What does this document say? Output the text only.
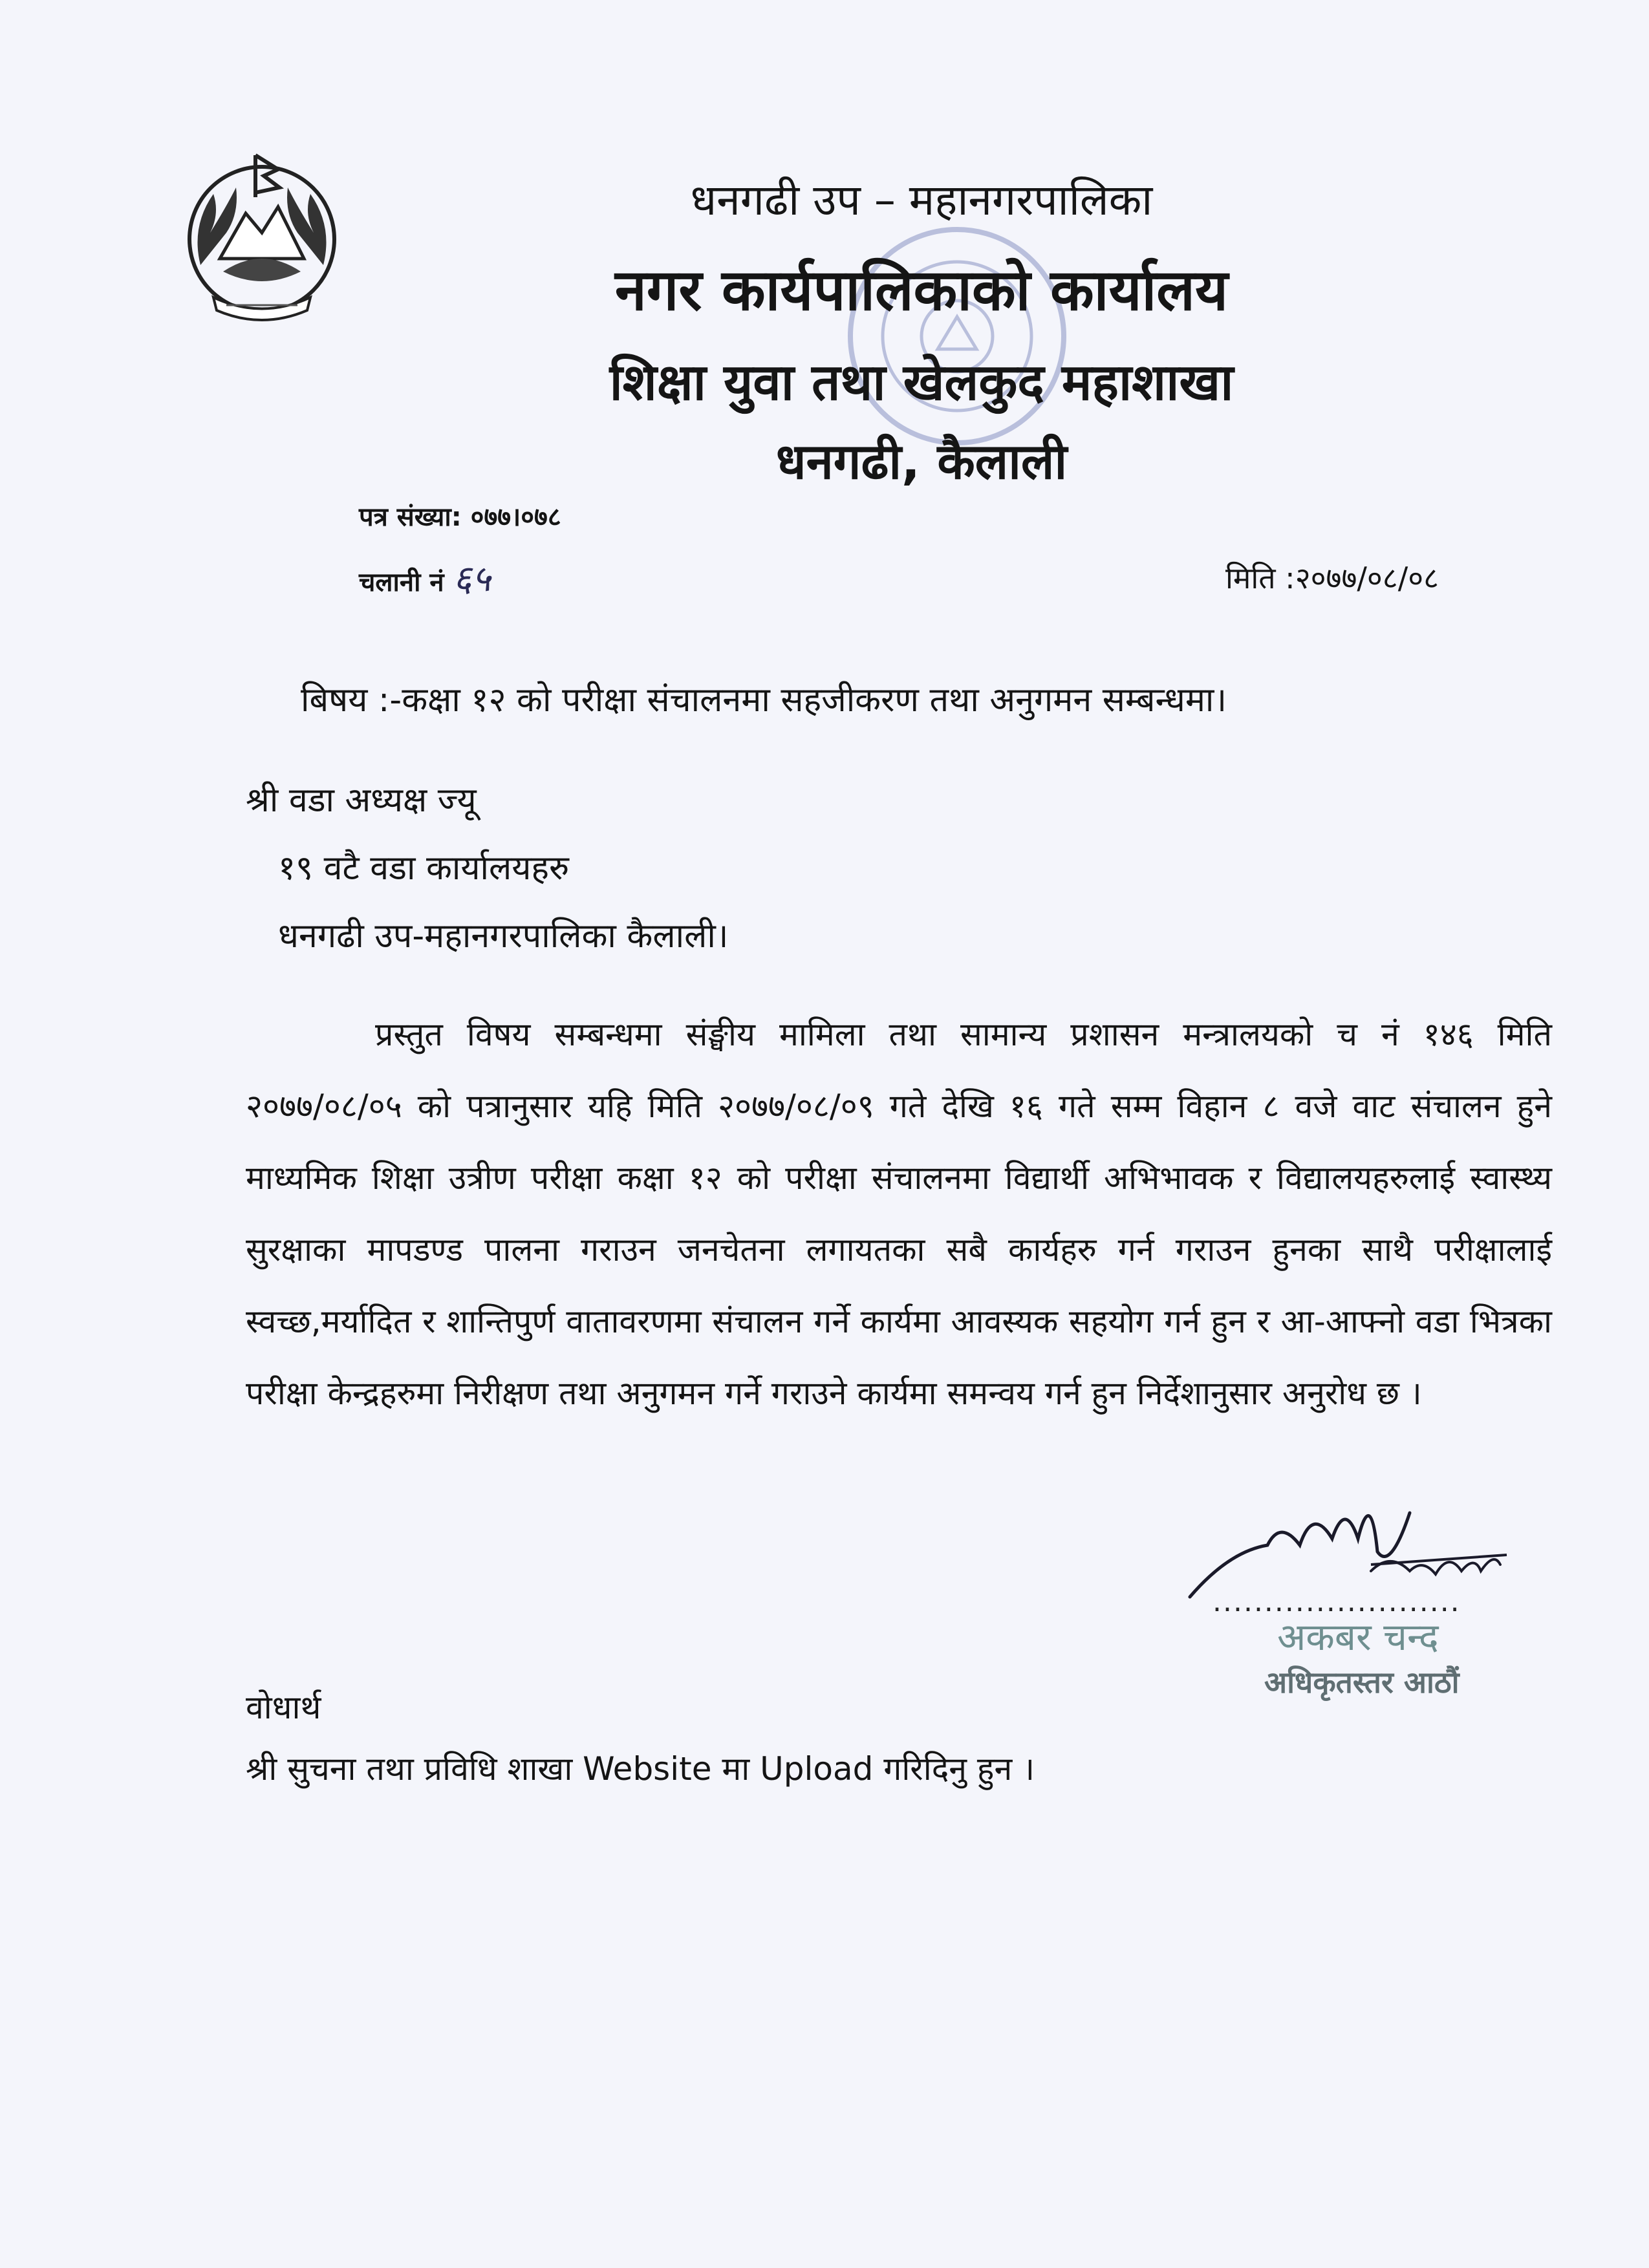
धनगढी उप – महानगरपालिका
नगर कार्यपालिकाको कार्यालय
शिक्षा युवा तथा खेलकुद महाशाखा
धनगढी, कैलाली
पत्र संख्या: ०७७।०७८
चलानी नं ६५	मिति :२०७७/०८/०८
बिषय :-कक्षा १२ को परीक्षा संचालनमा सहजीकरण तथा अनुगमन सम्बन्धमा।
श्री वडा अध्यक्ष ज्यू
१९ वटै वडा कार्यालयहरु
धनगढी उप-महानगरपालिका कैलाली।
प्रस्तुत विषय सम्बन्धमा संङ्घीय मामिला तथा सामान्य प्रशासन मन्त्रालयको च नं १४६ मिति २०७७/०८/०५ को पत्रानुसार यहि मिति २०७७/०८/०९ गते देखि १६ गते सम्म विहान ८ वजे वाट संचालन हुने माध्यमिक शिक्षा उत्रीण परीक्षा कक्षा १२ को परीक्षा संचालनमा विद्यार्थी अभिभावक र विद्यालयहरुलाई स्वास्थ्य सुरक्षाका मापडण्ड पालना गराउन जनचेतना लगायतका सबै कार्यहरु गर्न गराउन हुनका साथै परीक्षालाई स्वच्छ,मर्यादित र शान्तिपुर्ण वातावरणमा संचालन गर्ने कार्यमा आवस्यक सहयोग गर्न हुन र आ-आफ्नो वडा भित्रका परीक्षा केन्द्रहरुमा निरीक्षण तथा अनुगमन गर्ने गराउने कार्यमा समन्वय गर्न हुन निर्देशानुसार अनुरोध छ ।
........................
अकबर चन्द
अधिकृतस्तर आठौं
वोधार्थ
श्री सुचना तथा प्रविधि शाखा Website मा Upload गरिदिनु हुन ।
